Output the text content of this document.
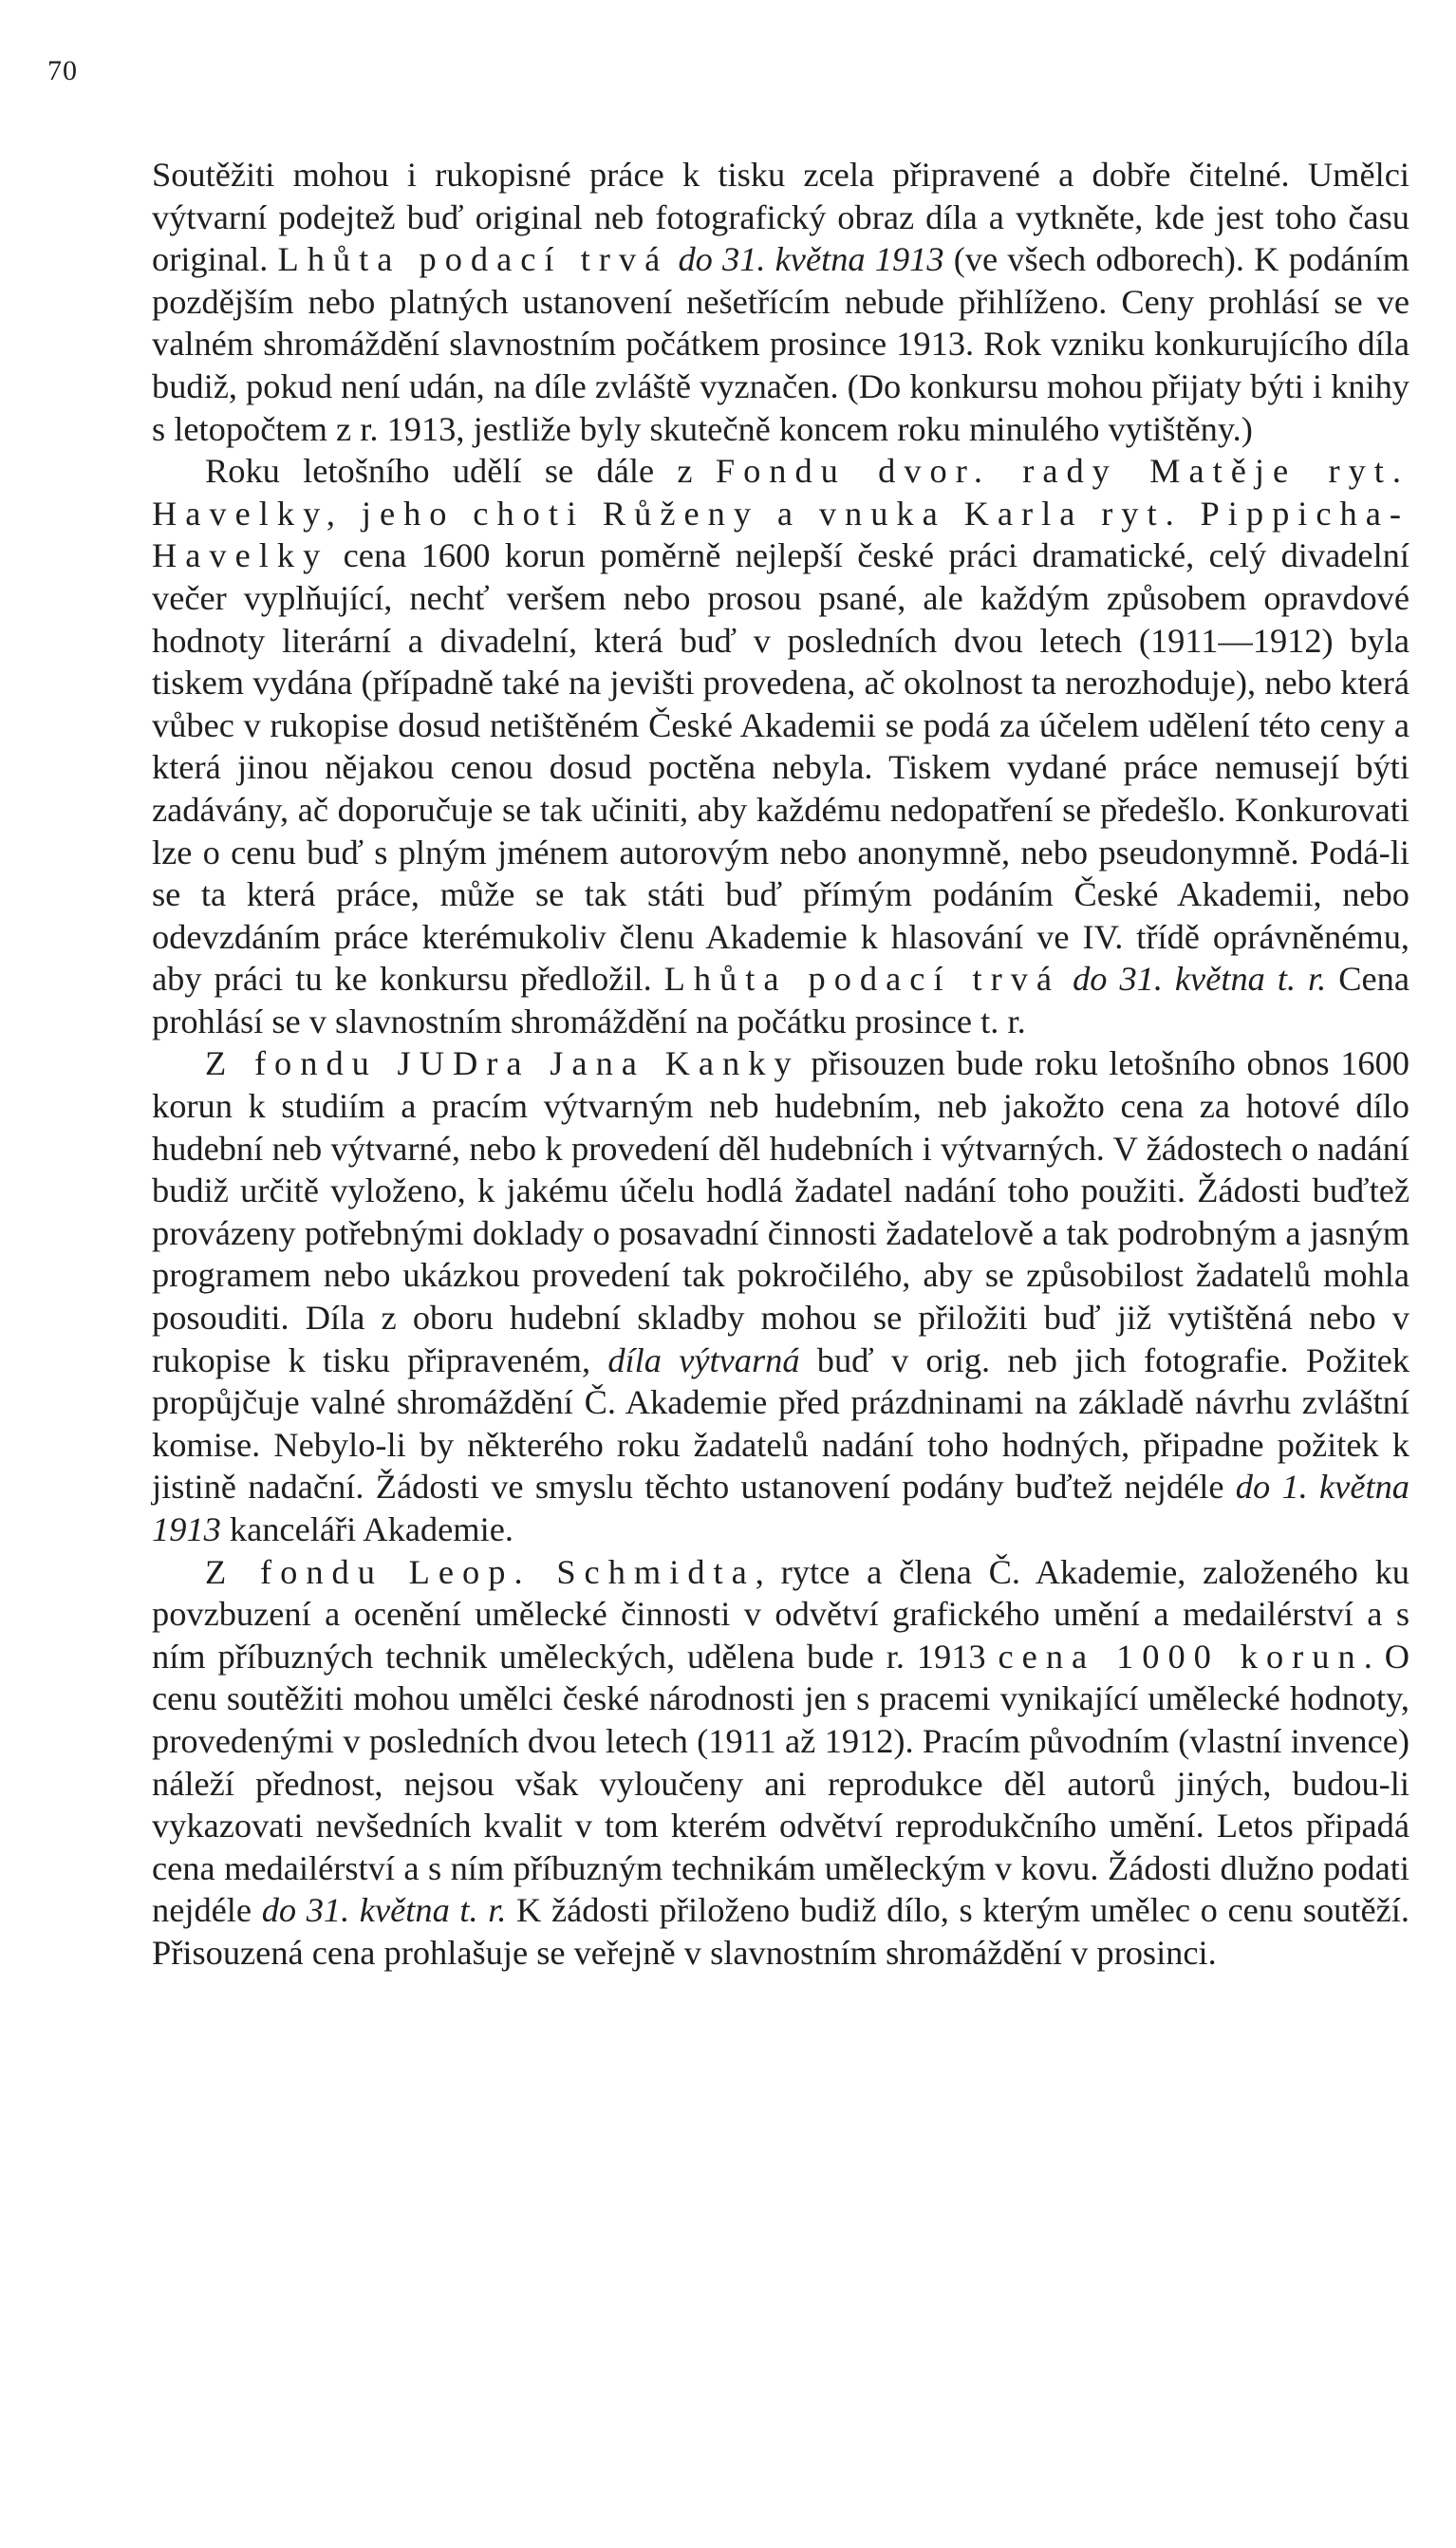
70

Soutěžiti mohou i rukopisné práce k tisku zcela připravené a dobře čitelné. Umělci výtvarní podejtež buď original neb fotografický obraz díla a vytkněte, kde jest toho času original. Lhůta podací trvá do 31. května 1913 (ve všech odborech). K podáním pozdějším nebo platných ustanovení nešetřícím nebude přihlíženo. Ceny prohlásí se ve valném shromáždění slavnostním počátkem prosince 1913. Rok vzniku konkurujícího díla budiž, pokud není udán, na díle zvláště vyznačen. (Do konkursu mohou přijaty býti i knihy s letopočtem z r. 1913, jestliže byly skutečně koncem roku minulého vytištěny.)

Roku letošního udělí se dále z Fondu dvor. rady Matěje ryt. Havelky, jeho choti Růženy a vnuka Karla ryt. Pippicha-Havelky cena 1600 korun poměrně nejlepší české práci dramatické, celý divadelní večer vyplňující, nechť veršem nebo prosou psané, ale každým způsobem opravdové hodnoty literární a divadelní, která buď v posledních dvou letech (1911—1912) byla tiskem vydána (případně také na jevišti provedena, ač okolnost ta nerozhoduje), nebo která vůbec v rukopise dosud netištěném České Akademii se podá za účelem udělení této ceny a která jinou nějakou cenou dosud poctěna nebyla. Tiskem vydané práce nemusejí býti zadávány, ač doporučuje se tak učiniti, aby každému nedopatření se předešlo. Konkurovati lze o cenu buď s plným jménem autorovým nebo anonymně, nebo pseudonymně. Podá-li se ta která práce, může se tak státi buď přímým podáním České Akademii, nebo odevzdáním práce kterémukoliv členu Akademie k hlasování ve IV. třídě oprávněnému, aby práci tu ke konkursu předložil. Lhůta podací trvá do 31. května t. r. Cena prohlásí se v slavnostním shromáždění na počátku prosince t. r.

Z fondu JUDra Jana Kanky přisouzen bude roku letošního obnos 1600 korun k studiím a pracím výtvarným neb hudebním, neb jakožto cena za hotové dílo hudební neb výtvarné, nebo k provedení děl hudebních i výtvarných. V žádostech o nadání budiž určitě vyloženo, k jakému účelu hodlá žadatel nadání toho použiti. Žádosti buďtež provázeny potřebnými doklady o posavadní činnosti žadatelově a tak podrobným a jasným programem nebo ukázkou provedení tak pokročilého, aby se způsobilost žadatelů mohla posouditi. Díla z oboru hudební skladby mohou se přiložiti buď již vytištěná nebo v rukopise k tisku připraveném, díla výtvarná buď v orig. neb jich fotografie. Požitek propůjčuje valné shromáždění Č. Akademie před prázdninami na základě návrhu zvláštní komise. Nebylo-li by některého roku žadatelů nadání toho hodných, připadne požitek k jistině nadační. Žádosti ve smyslu těchto ustanovení podány buďtež nejdéle do 1. května 1913 kanceláři Akademie.

Z fondu Leop. Schmidta, rytce a člena Č. Akademie, založeného ku povzbuzení a ocenění umělecké činnosti v odvětví grafického umění a medailérství a s ním příbuzných technik uměleckých, udělena bude r. 1913 cena 1000 korun. O cenu soutěžiti mohou umělci české národnosti jen s pracemi vynikající umělecké hodnoty, provedenými v posledních dvou letech (1911 až 1912). Pracím původním (vlastní invence) náleží přednost, nejsou však vyloučeny ani reprodukce děl autorů jiných, budou-li vykazovati nevšedních kvalit v tom kterém odvětví reprodukčního umění. Letos připadá cena medailérství a s ním příbuzným technikám uměleckým v kovu. Žádosti dlužno podati nejdéle do 31. května t. r. K žádosti přiloženo budiž dílo, s kterým umělec o cenu soutěží. Přisouzená cena prohlašuje se veřejně v slavnostním shromáždění v prosinci.
